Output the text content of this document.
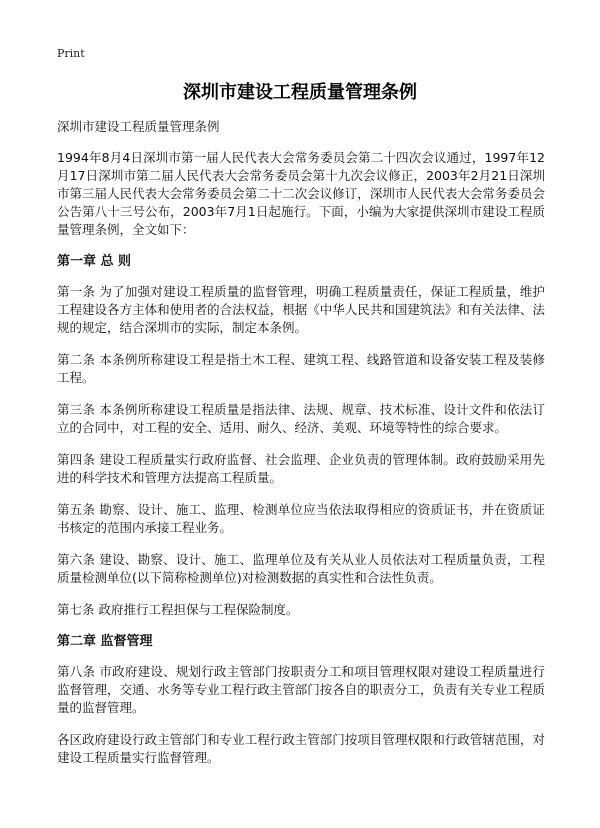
Print
深圳市建设工程质量管理条例

深圳市建设工程质量管理条例

1994年8月4日深圳市第一届人民代表大会常务委员会第二十四次会议通过，1997年12月17日深圳市第二届人民代表大会常务委员会第十九次会议修正，2003年2月21日深圳市第三届人民代表大会常务委员会第二十二次会议修订，深圳市人民代表大会常务委员会公告第八十三号公布，2003年7月1日起施行。下面，小编为大家提供深圳市建设工程质量管理条例，全文如下：

第一章 总 则

第一条 为了加强对建设工程质量的监督管理，明确工程质量责任，保证工程质量，维护工程建设各方主体和使用者的合法权益，根据《中华人民共和国建筑法》和有关法律、法规的规定，结合深圳市的实际，制定本条例。

第二条 本条例所称建设工程是指土木工程、建筑工程、线路管道和设备安装工程及装修工程。

第三条 本条例所称建设工程质量是指法律、法规、规章、技术标准、设计文件和依法订立的合同中，对工程的安全、适用、耐久、经济、美观、环境等特性的综合要求。

第四条 建设工程质量实行政府监督、社会监理、企业负责的管理体制。政府鼓励采用先进的科学技术和管理方法提高工程质量。

第五条 勘察、设计、施工、监理、检测单位应当依法取得相应的资质证书，并在资质证书核定的范围内承接工程业务。

第六条 建设、勘察、设计、施工、监理单位及有关从业人员依法对工程质量负责，工程质量检测单位(以下简称检测单位)对检测数据的真实性和合法性负责。

第七条 政府推行工程担保与工程保险制度。

第二章 监督管理

第八条 市政府建设、规划行政主管部门按职责分工和项目管理权限对建设工程质量进行监督管理，交通、水务等专业工程行政主管部门按各自的职责分工，负责有关专业工程质量的监督管理。

各区政府建设行政主管部门和专业工程行政主管部门按项目管理权限和行政管辖范围，对建设工程质量实行监督管理。
